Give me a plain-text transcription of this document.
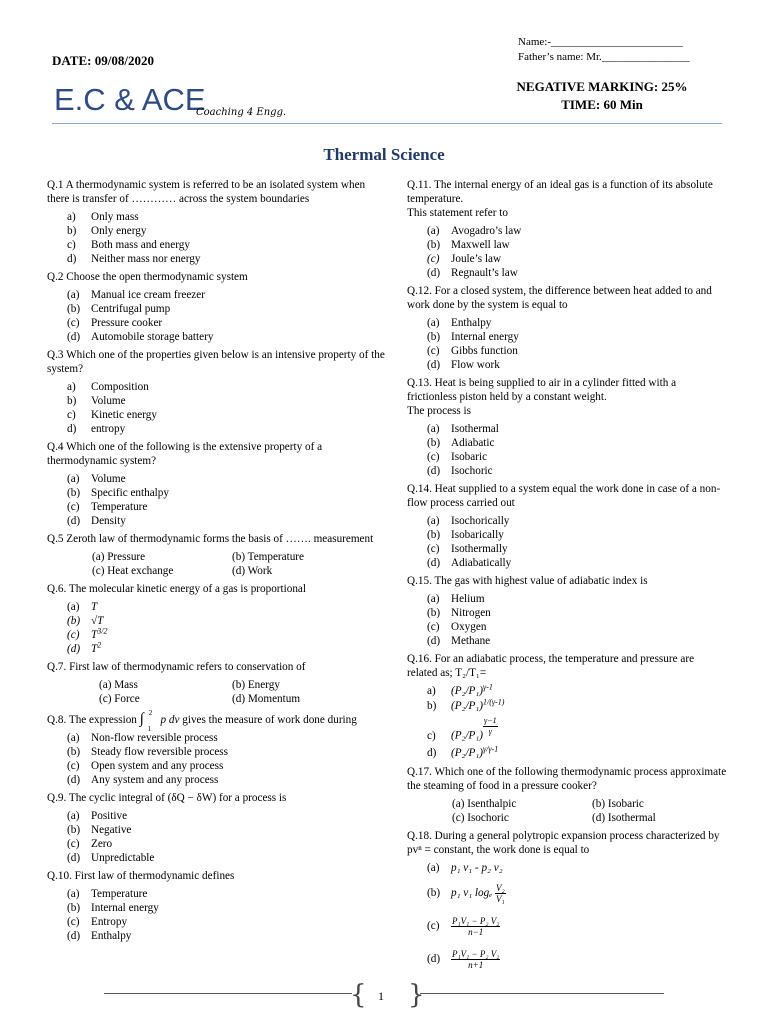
DATE: 09/08/2020
Name:-________________________
Father’s name: Mr.________________
E.C & ACE
Coaching 4 Engg.
NEGATIVE MARKING: 25%
TIME: 60 Min
Thermal Science
Q.1 A thermodynamic system is referred to be an isolated system when there is transfer of ………… across the system boundaries
a) Only mass
b) Only energy
c) Both mass and energy
d) Neither mass nor energy
Q.2 Choose the open thermodynamic system
(a) Manual ice cream freezer
(b) Centrifugal pump
(c) Pressure cooker
(d) Automobile storage battery
Q.3 Which one of the properties given below is an intensive property of the system?
a) Composition
b) Volume
c) Kinetic energy
d) entropy
Q.4 Which one of the following is the extensive property of a thermodynamic system?
(a) Volume
(b) Specific enthalpy
(c) Temperature
(d) Density
Q.5 Zeroth law of thermodynamic forms the basis of ……. measurement
(a) Pressure	(b) Temperature
(c) Heat exchange	(d) Work
Q.6. The molecular kinetic energy of a gas is proportional
(a) T
(b) √T
(c) $T^{3/2}$
(d) $T^2$
Q.7. First law of thermodynamic refers to conservation of
(a) Mass	(b) Energy
(c) Force	(d) Momentum
Q.8. The expression ∫ 2
1
p dv gives the measure of work done during
(a) Non-flow reversible process
(b) Steady flow reversible process
(c) Open system and any process
(d) Any system and any process
Q.9. The cyclic integral of (δQ − δW) for a process is
(a) Positive
(b) Negative
(c) Zero
(d) Unpredictable
Q.10. First law of thermodynamic defines
(a) Temperature
(b) Internal energy
(c) Entropy
(d) Enthalpy
Q.11. The internal energy of an ideal gas is a function of its absolute temperature.
This statement refer to
(a) Avogadro’s law
(b) Maxwell law
(c) Joule’s law
(d) Regnault’s law
Q.12. For a closed system, the difference between heat added to and work done by the system is equal to
(a) Enthalpy
(b) Internal energy
(c) Gibbs function
(d) Flow work
Q.13. Heat is being supplied to air in a cylinder fitted with a frictionless piston held by a constant weight.
The process is
(a) Isothermal
(b) Adiabatic
(c) Isobaric
(d) Isochoric
Q.14. Heat supplied to a system equal the work done in case of a non-flow process carried out
(a) Isochorically
(b) Isobarically
(c) Isothermally
(d) Adiabatically
Q.15. The gas with highest value of adiabatic index is
(a) Helium
(b) Nitrogen
(c) Oxygen
(d) Methane
Q.16. For an adiabatic process, the temperature and pressure are related as; T₂/T₁=
a) $(P_2/P_1)^{\gamma-1}$
b) $(P_2/P_1)^{1/(\gamma-1)}$
c) $(P_2/P_1) \frac{\gamma-1}{\gamma}$
d) $(P_2/P_1)^{\gamma/\gamma-1}$
Q.17. Which one of the following thermodynamic process approximate the steaming of food in a pressure cooker?
(a) Isenthalpic	(b) Isobaric
(c) Isochoric	(d) Isothermal
Q.18. During a general polytropic expansion process characterized by pvⁿ = constant, the work done is equal to
(a) p₁ v₁ - p₂ v₂
(b) p₁ v₁ logₑ $\frac{\text{V₂}}{\text{V₁}}$
$(c) \frac{\text{P₁V₁ − P₂ V₂}}{n-1}$
$(d) \frac{\text{P₁V₁ − P₂ V₂}}{n+1}$
{ }
1
